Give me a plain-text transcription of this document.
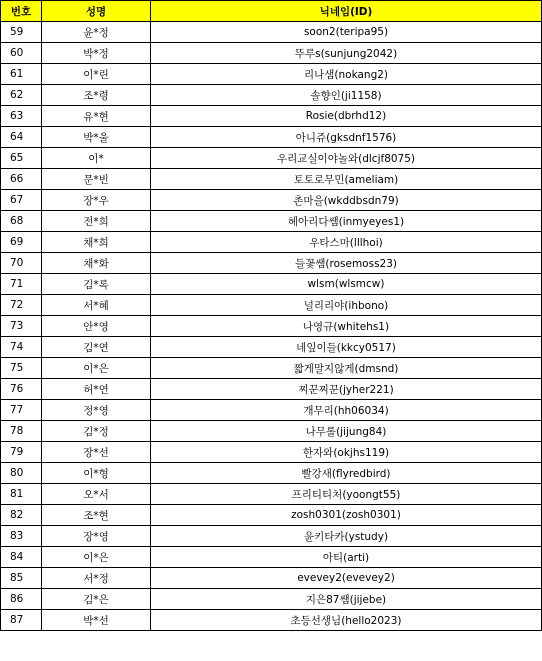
번호	성명	닉네임(ID)
59	윤*정	soon2(teripa95)
60	박*정	뚜루s(sunjung2042)
61	이*린	리나샘(nokang2)
62	조*령	솔향인(ji1158)
63	유*현	Rosie(dbrhd12)
64	박*울	아니쥬(gksdnf1576)
65	이*	우리교실이야놀와(dlcjf8075)
66	문*빈	토토로무민(ameliam)
67	장*우	촌마을(wkddbsdn79)
68	전*희	헤아리다쌤(inmyeyes1)
69	채*희	우타스마(lllhoi)
70	채*화	들꽃쌤(rosemoss23)
71	김*록	wlsm(wlsmcw)
72	서*혜	널리리야(ihbono)
73	안*영	나영규(whitehs1)
74	김*연	네잎이들(kkcy0517)
75	이*은	짧게말지않게(dmsnd)
76	허*연	찌꾼찌꾼(jyher221)
77	정*영	개무리(hh06034)
78	김*정	나무롤(jijung84)
79	장*선	한자와(okjhs119)
80	이*형	빨강새(flyredbird)
81	오*서	프리티티처(yoongt55)
82	조*현	zosh0301(zosh0301)
83	장*영	윤키타카(ystudy)
84	이*은	아티(arti)
85	서*정	evevey2(evevey2)
86	김*은	지은87쌤(jijebe)
87	박*선	초등선생님(hello2023)
